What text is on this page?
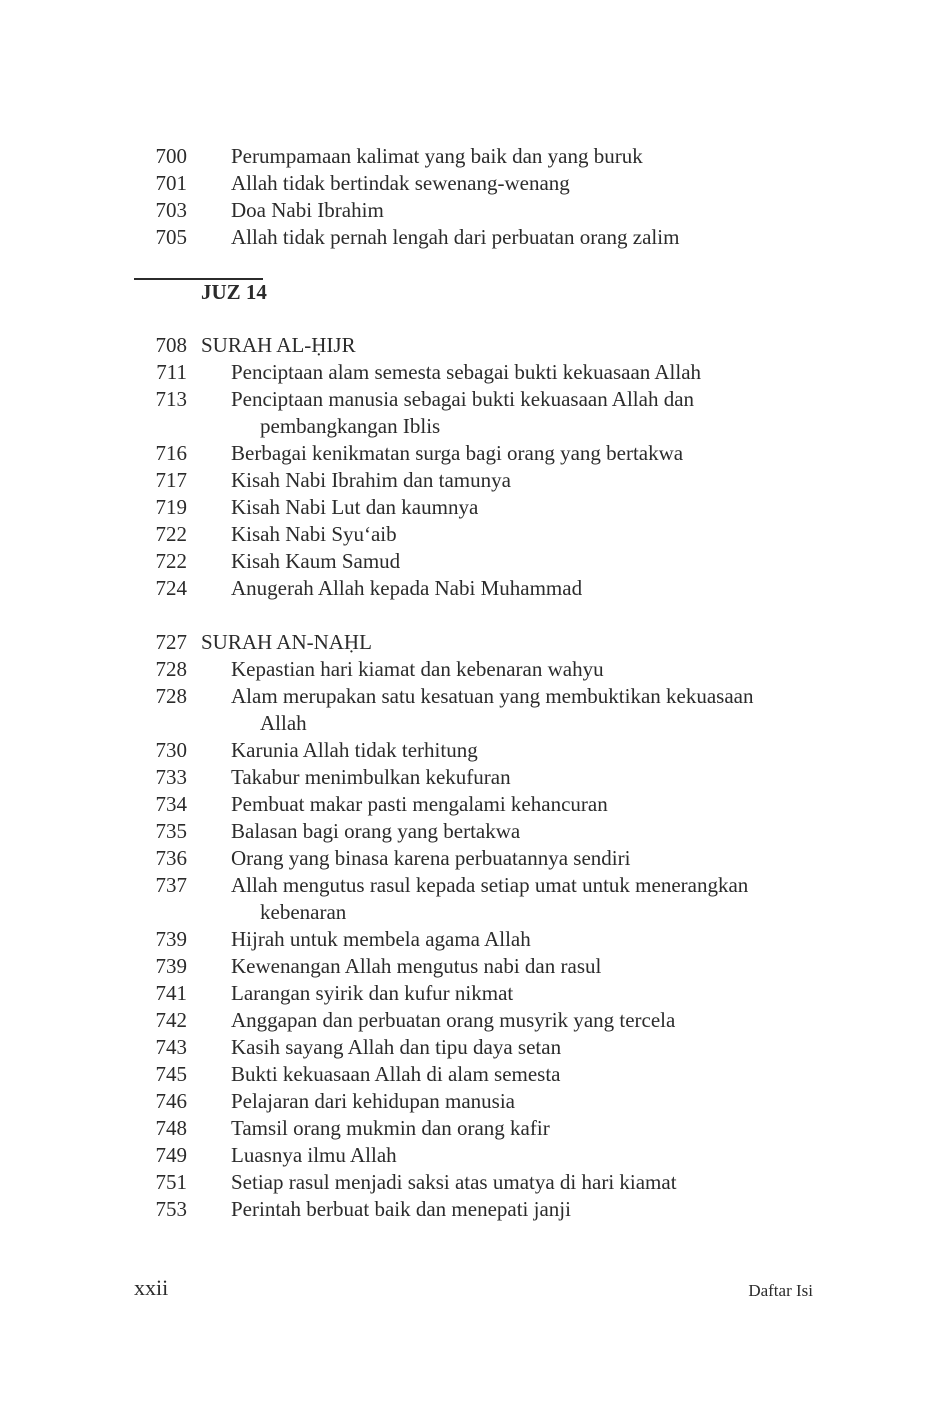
700 Perumpamaan kalimat yang baik dan yang buruk
701 Allah tidak bertindak sewenang-wenang
703 Doa Nabi Ibrahim
705 Allah tidak pernah lengah dari perbuatan orang zalim
JUZ 14
708 SURAH AL-ḤIJR
711 Penciptaan alam semesta sebagai bukti kekuasaan Allah
713 Penciptaan manusia sebagai bukti kekuasaan Allah dan
pembangkangan Iblis
716 Berbagai kenikmatan surga bagi orang yang bertakwa
717 Kisah Nabi Ibrahim dan tamunya
719 Kisah Nabi Lut dan kaumnya
722 Kisah Nabi Syu‘aib
722 Kisah Kaum Samud
724 Anugerah Allah kepada Nabi Muhammad
727 SURAH AN-NAḤL
728 Kepastian hari kiamat dan kebenaran wahyu
728 Alam merupakan satu kesatuan yang membuktikan kekuasaan
Allah
730 Karunia Allah tidak terhitung
733 Takabur menimbulkan kekufuran
734 Pembuat makar pasti mengalami kehancuran
735 Balasan bagi orang yang bertakwa
736 Orang yang binasa karena perbuatannya sendiri
737 Allah mengutus rasul kepada setiap umat untuk menerangkan
kebenaran
739 Hijrah untuk membela agama Allah
739 Kewenangan Allah mengutus nabi dan rasul
741 Larangan syirik dan kufur nikmat
742 Anggapan dan perbuatan orang musyrik yang tercela
743 Kasih sayang Allah dan tipu daya setan
745 Bukti kekuasaan Allah di alam semesta
746 Pelajaran dari kehidupan manusia
748 Tamsil orang mukmin dan orang kafir
749 Luasnya ilmu Allah
751 Setiap rasul menjadi saksi atas umatya di hari kiamat
753 Perintah berbuat baik dan menepati janji
xxii	Daftar Isi
